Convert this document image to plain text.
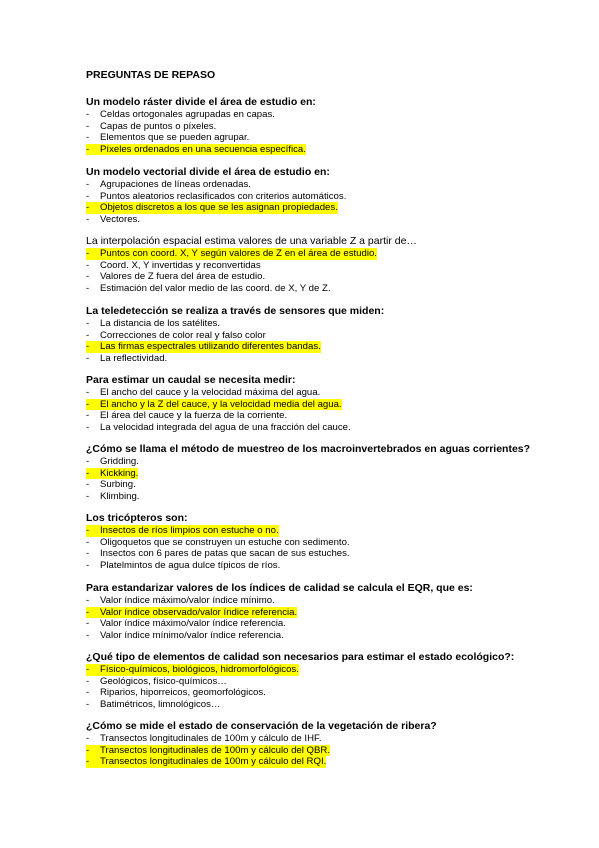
PREGUNTAS DE REPASO
Un modelo ráster divide el área de estudio en:
-	Celdas ortogonales agrupadas en capas.
-	Capas de puntos o píxeles.
-	Elementos que se pueden agrupar.
-	Píxeles ordenados en una secuencia específica.
Un modelo vectorial divide el área de estudio en:
-	Agrupaciones de líneas ordenadas.
-	Puntos aleatorios reclasificados con criterios automáticos.
-	Objetos discretos a los que se les asignan propiedades.
-	Vectores.
La interpolación espacial estima valores de una variable Z a partir de…
-	Puntos con coord. X, Y según valores de Z en el área de estudio.
-	Coord. X, Y invertidas y reconvertidas
-	Valores de Z fuera del área de estudio.
-	Estimación del valor medio de las coord. de X, Y de Z.
La teledetección se realiza a través de sensores que miden:
-	La distancia de los satélites.
-	Correcciones de color real y falso color
-	Las firmas espectrales utilizando diferentes bandas.
-	La reflectividad.
Para estimar un caudal se necesita medir:
-	El ancho del cauce y la velocidad máxima del agua.
-	El ancho y la Z del cauce, y la velocidad media del agua.
-	El área del cauce y la fuerza de la corriente.
-	La velocidad integrada del agua de una fracción del cauce.
¿Cómo se llama el método de muestreo de los macroinvertebrados en aguas corrientes?
-	Gridding.
-	Kickking.
-	Surbing.
-	Klimbing.
Los tricópteros son:
-	Insectos de ríos limpios con estuche o no.
-	Oligoquetos que se construyen un estuche con sedimento.
-	Insectos con 6 pares de patas que sacan de sus estuches.
-	Platelmintos de agua dulce típicos de ríos.
Para estandarizar valores de los índices de calidad se calcula el EQR, que es:
-	Valor índice máximo/valor índice mínimo.
-	Valor índice observado/valor índice referencia.
-	Valor índice máximo/valor índice referencia.
-	Valor índice mínimo/valor índice referencia.
¿Qué tipo de elementos de calidad son necesarios para estimar el estado ecológico?:
-	Físico-químicos, biológicos, hidromorfológicos.
-	Geológicos, físico-químicos…
-	Riparios, hiporreicos, geomorfológicos.
-	Batimétricos, limnológicos…
¿Cómo se mide el estado de conservación de la vegetación de ribera?
-	Transectos longitudinales de 100m y cálculo de IHF.
-	Transectos longitudinales de 100m y cálculo del QBR.
-	Transectos longitudinales de 100m y cálculo del RQI.
